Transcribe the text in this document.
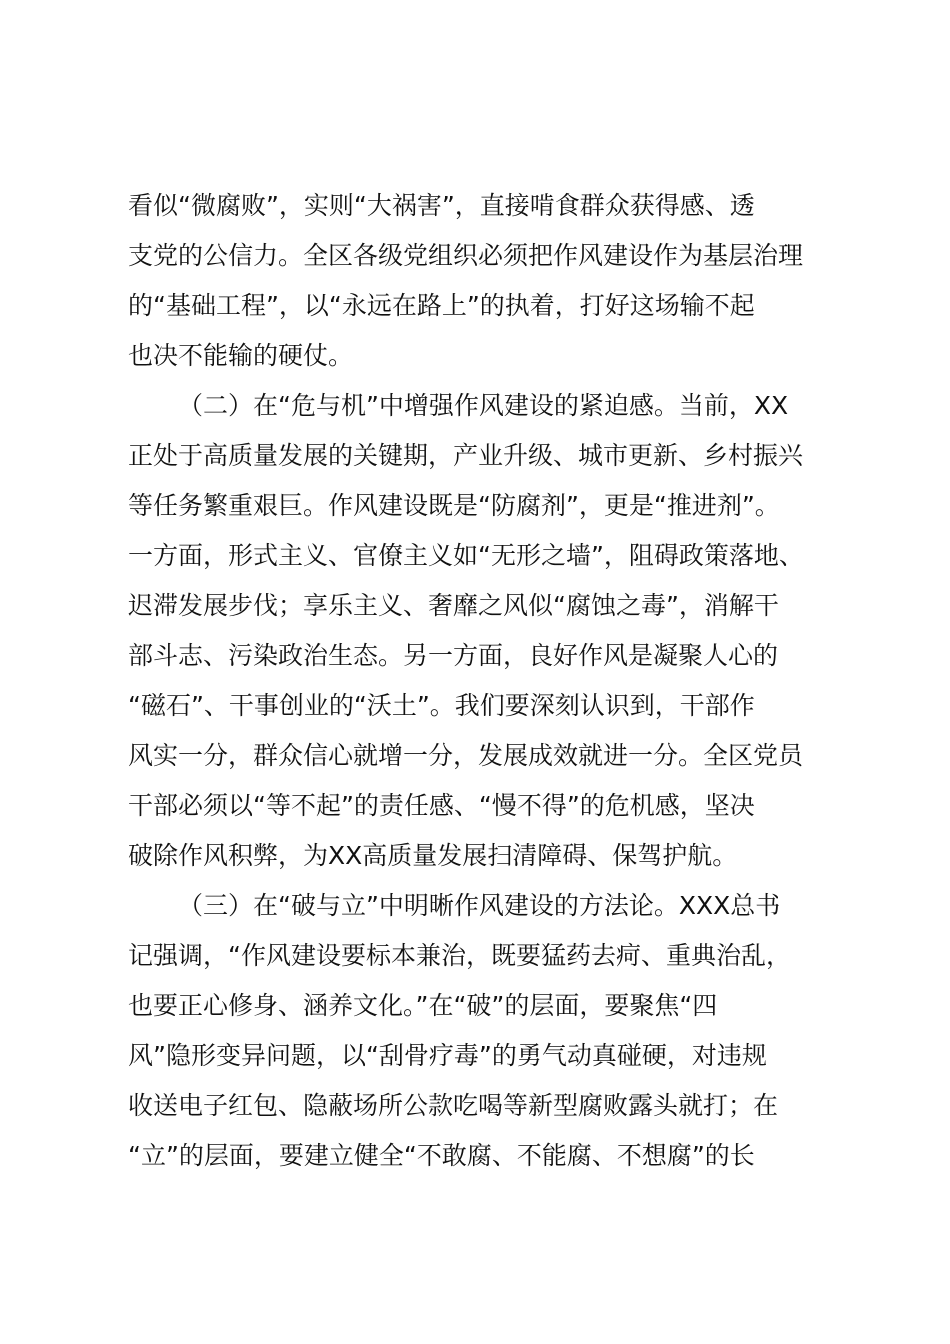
看似“微腐败”，实则“大祸害”，直接啃食群众获得感、透
支党的公信力。全区各级党组织必须把作风建设作为基层治理
的“基础工程”，以“永远在路上”的执着，打好这场输不起
也决不能输的硬仗。
（二）在“危与机”中增强作风建设的紧迫感。当前，XX
正处于高质量发展的关键期，产业升级、城市更新、乡村振兴
等任务繁重艰巨。作风建设既是“防腐剂”，更是“推进剂”。
一方面，形式主义、官僚主义如“无形之墙”，阻碍政策落地、
迟滞发展步伐；享乐主义、奢靡之风似“腐蚀之毒”，消解干
部斗志、污染政治生态。另一方面，良好作风是凝聚人心的
“磁石”、干事创业的“沃土”。我们要深刻认识到，干部作
风实一分，群众信心就增一分，发展成效就进一分。全区党员
干部必须以“等不起”的责任感、“慢不得”的危机感，坚决
破除作风积弊，为XX高质量发展扫清障碍、保驾护航。
（三）在“破与立”中明晰作风建设的方法论。XXX总书
记强调，“作风建设要标本兼治，既要猛药去疴、重典治乱，
也要正心修身、涵养文化。”在“破”的层面，要聚焦“四
风”隐形变异问题，以“刮骨疗毒”的勇气动真碰硬，对违规
收送电子红包、隐蔽场所公款吃喝等新型腐败露头就打；在
“立”的层面，要建立健全“不敢腐、不能腐、不想腐”的长
